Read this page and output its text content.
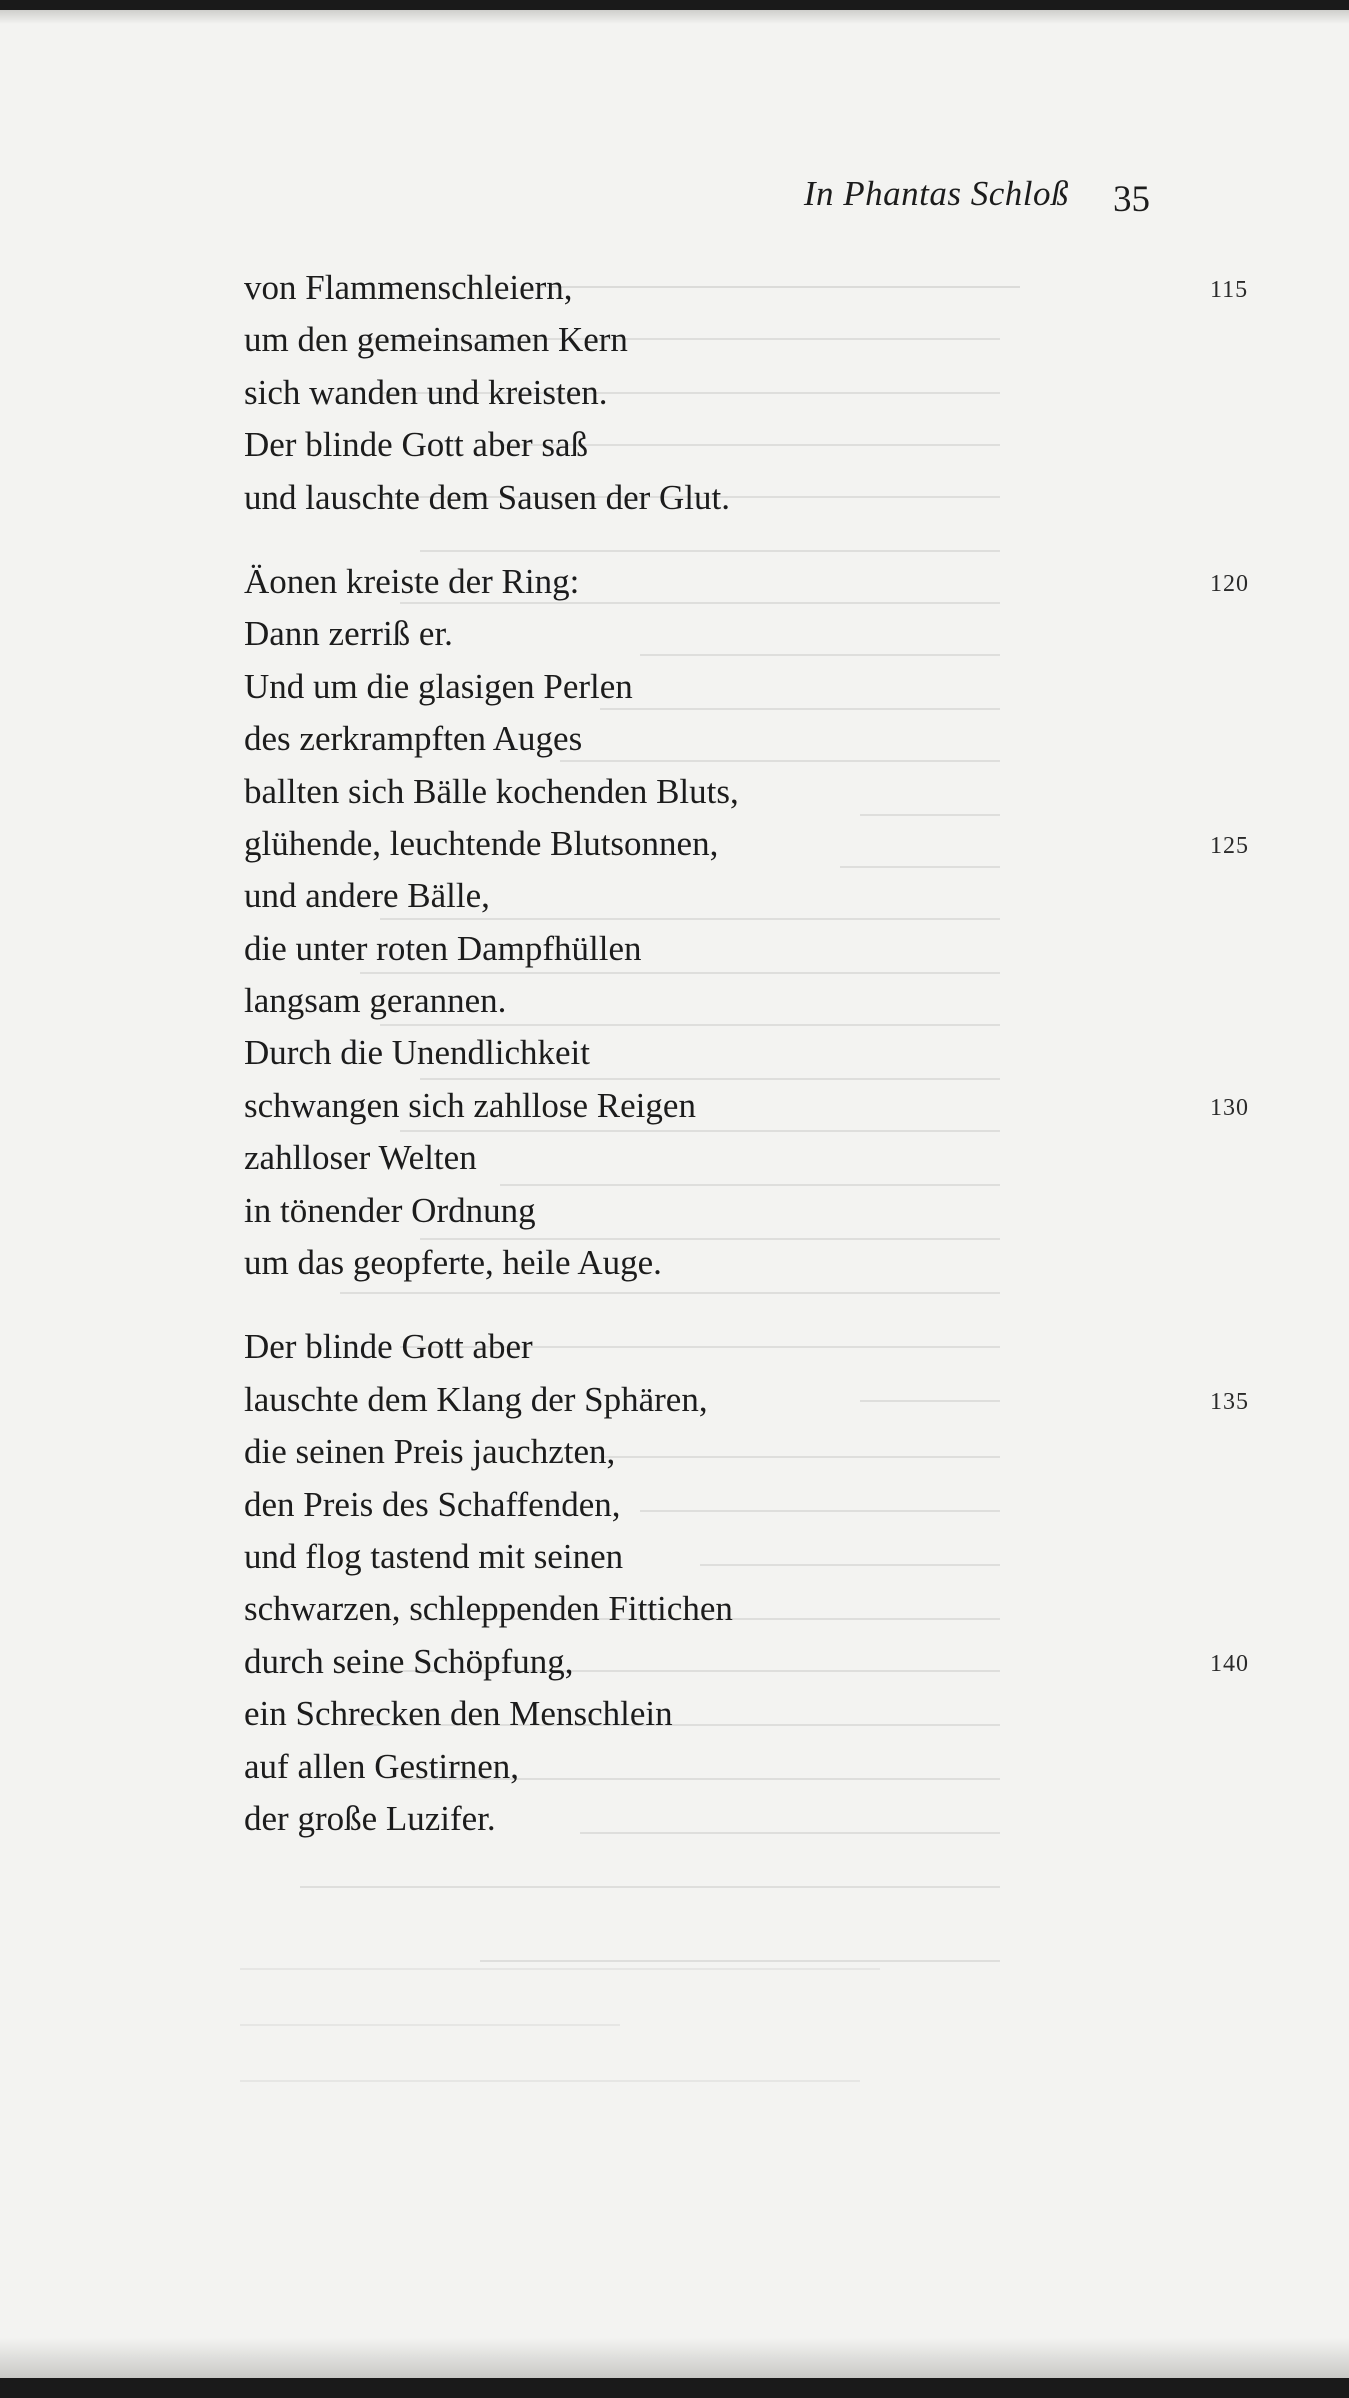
In Phantas Schloß 35
von Flammenschleiern,	115
um den gemeinsamen Kern
sich wanden und kreisten.
Der blinde Gott aber saß
und lauschte dem Sausen der Glut.
Äonen kreiste der Ring:	120
Dann zerriß er.
Und um die glasigen Perlen
des zerkrampften Auges
ballten sich Bälle kochenden Bluts,
glühende, leuchtende Blutsonnen,	125
und andere Bälle,
die unter roten Dampfhüllen
langsam gerannen.
Durch die Unendlichkeit
schwangen sich zahllose Reigen	130
zahlloser Welten
in tönender Ordnung
um das geopferte, heile Auge.
Der blinde Gott aber
lauschte dem Klang der Sphären,	135
die seinen Preis jauchzten,
den Preis des Schaffenden,
und flog tastend mit seinen
schwarzen, schleppenden Fittichen
durch seine Schöpfung,	140
ein Schrecken den Menschlein
auf allen Gestirnen,
der große Luzifer.
